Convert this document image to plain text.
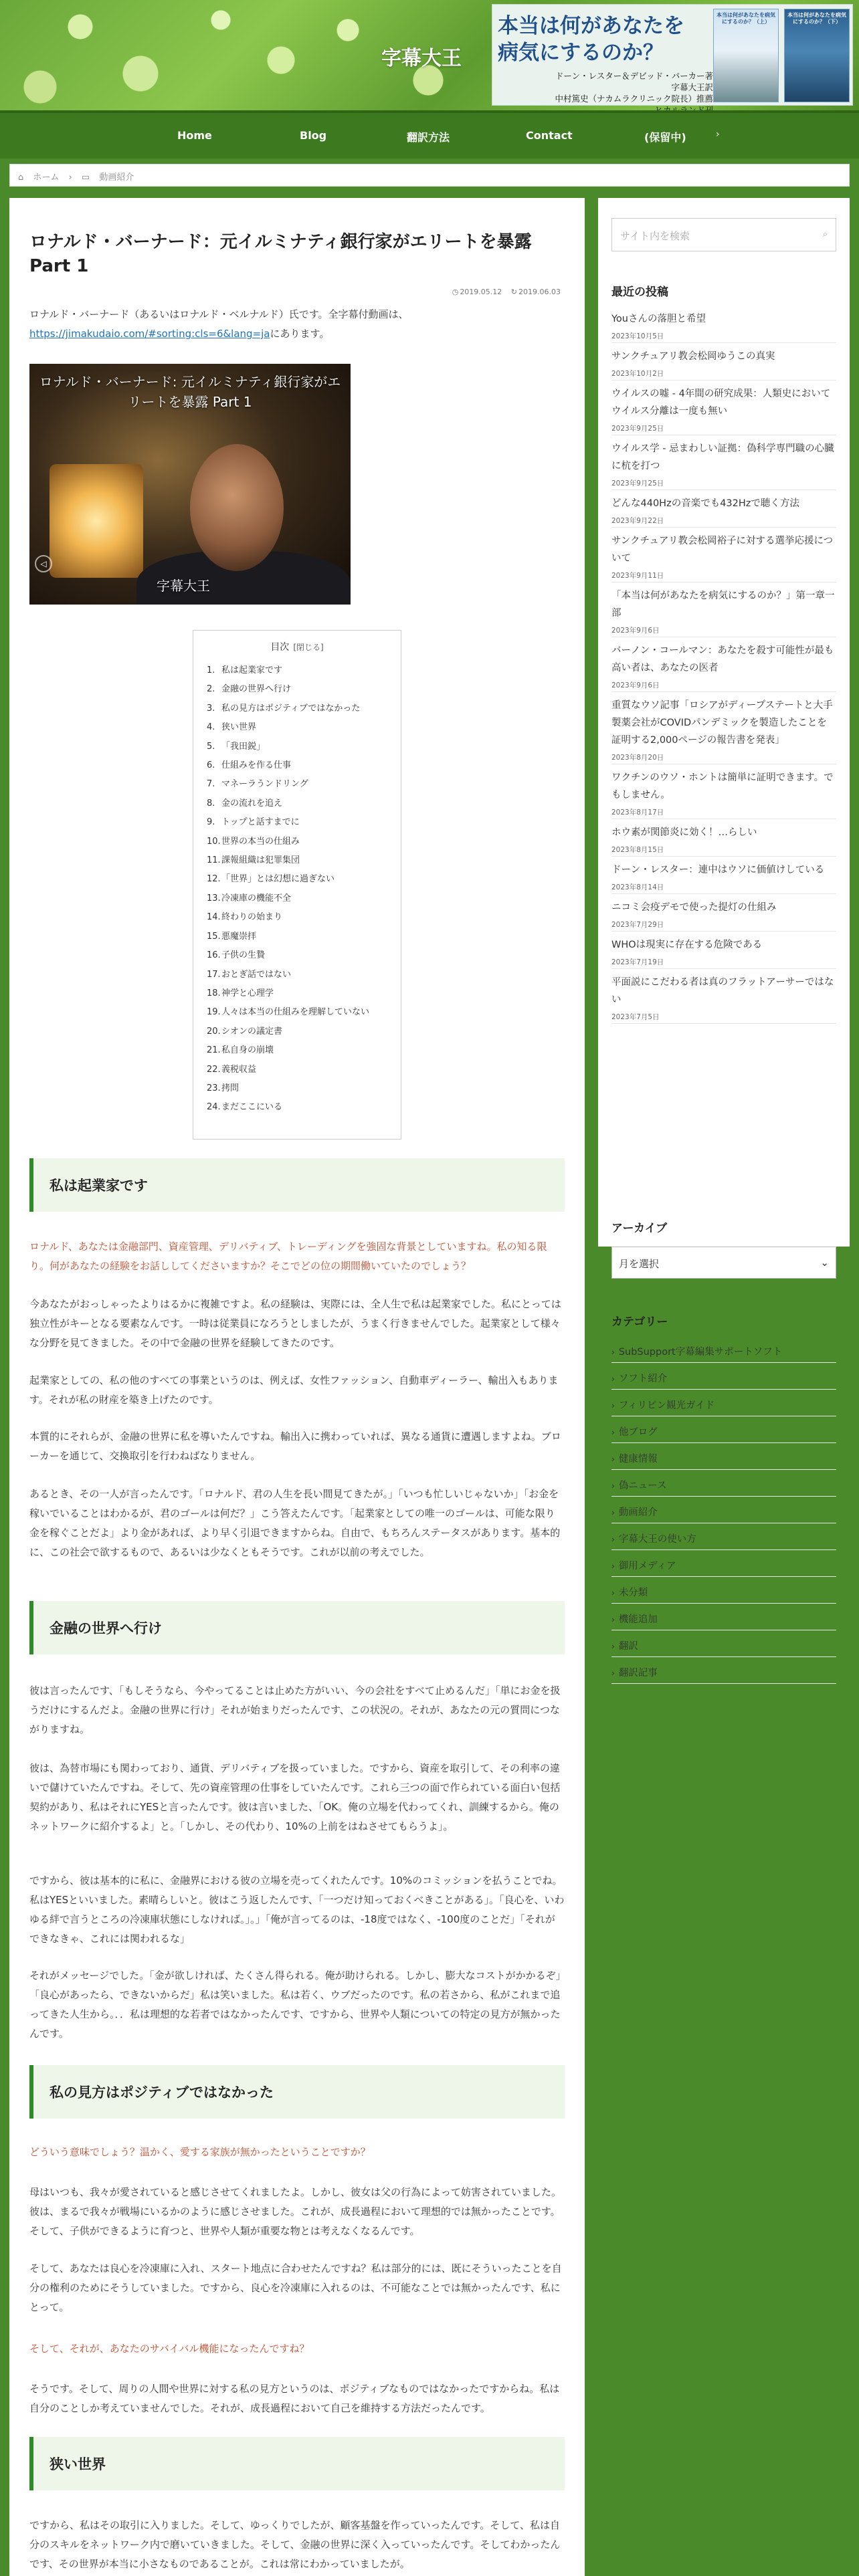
字幕大王
本当は何があなたを病気にするのか？
ドーン・レスター＆デビッド・パーカー著
字幕大王訳
中村篤史（ナカムラクリニック院長）推薦
本当は何があなたを病気にするのか？（上）
本当は何があなたを病気にするのか？（下）
Home	Blog	翻訳方法	Contact	(保留中)	›
⌂ ホーム › ▭ 動画紹介
ロナルド・バーナード：元イルミナティ銀行家がエリートを暴露 Part 1
◷ 2019.05.12 ↻ 2019.06.03
ロナルド・バーナード（あるいはロナルド・ベルナルド）氏です。全字幕付動画は、
https://jimakudaio.com/#sorting:cls=6&lang=jaにあります。
ロナルド・バーナード: 元イルミナティ銀行家がエリートを暴露 Part 1
字幕大王
◁
目次 [閉じる]
1. 私は起業家です
2. 金融の世界へ行け
3. 私の見方はポジティブではなかった
4. 狭い世界
5. 「我田鋭」
6. 仕組みを作る仕事
7. マネーラうンドリング
8. 金の流れを追え
9. トップと話すまでに
10.世界の本当の仕組み
11.課報組織は犯罪集団
12.「世界」とは幻想に過ぎない
13.冷凍庫の機能不全
14.終わりの始まり
15.悪魔崇拝
16.子供の生贄
17.おとぎ話ではない
18.神学と心理学
19.人々は本当の仕組みを理解していない
20.シオンの議定書
21.私自身の崩壊
22.義税収益
23.拷問
24.まだここにいる
私は起業家です
ロナルド、あなたは金融部門、資産管理、デリバティブ、トレーディングを強固な背景としていますね。私の知る限り。何があなたの経験をお話ししてくださいますか？そこでどの位の期間働いていたのでしょう？
今あなたがおっしゃったよりはるかに複雑ですよ。私の経験は、実際には、全人生で私は起業家でした。私にとっては独立性がキーとなる要素なんです。一時は従業員になろうとしましたが、うまく行きませんでした。起業家として様々な分野を見てきました。その中で金融の世界を経験してきたのです。
起業家としての、私の他のすべての事業というのは、例えば、女性ファッション、自動車ディーラー、輸出入もあります。それが私の財産を築き上げたのです。
本質的にそれらが、金融の世界に私を導いたんですね。輸出入に携わっていれば、異なる通貨に遭遇しますよね。ブローカーを通じて、交換取引を行わねばなりません。
あるとき、その一人が言ったんです。「ロナルド、君の人生を長い間見てきたが。」「いつも忙しいじゃないか」「お金を稼いでいることはわかるが、君のゴールは何だ？」こう答えたんです。「起業家としての唯一のゴールは、可能な限り金を稼ぐことだよ」より金があれば、より早く引退できますからね。自由で、もちろんステータスがあります。基本的に、この社会で欲するもので、あるいは少なくともそうです。これが以前の考えでした。
金融の世界へ行け
彼は言ったんです、「もしそうなら、今やってることは止めた方がいい、今の会社をすべて止めるんだ」「単にお金を扱うだけにするんだよ。金融の世界に行け」それが始まりだったんです、この状況の。それが、あなたの元の質問につながりますね。
彼は、為替市場にも関わっており、通貨、デリバティブを扱っていました。ですから、資産を取引して、その利率の違いで儲けていたんですね。そして、先の資産管理の仕事をしていたんです。これら三つの面で作られている面白い包括契約があり、私はそれにYESと言ったんです。彼は言いました、「OK。俺の立場を代わってくれ、訓練するから。俺のネットワークに紹介するよ」と。「しかし、その代わり、10%の上前をはねさせてもらうよ」。
ですから、彼は基本的に私に、金融界における彼の立場を売ってくれたんです。10%のコミッションを払うことでね。私はYESといいました。素晴らしいと。彼はこう返したんです、「一つだけ知っておくべきことがある」。「良心を、いわゆる絆で言うところの冷凍庫状態にしなければ。」。」「俺が言ってるのは、-18度ではなく、-100度のことだ」「それができなきゃ、これには関われるな」
それがメッセージでした。「金が欲しければ、たくさん得られる。俺が助けられる。しかし、膨大なコストがかかるぞ」「良心があったら、できないからだ」私は笑いました。私は若く、ウブだったのです。私の若さから、私がこれまで追ってきた人生から。．．私は理想的な若者ではなかったんです、ですから、世界や人類についての特定の見方が無かったんです。
私の見方はポジティブではなかった
どういう意味でしょう？温かく、愛する家族が無かったということですか？
母はいつも、我々が愛されていると感じさせてくれましたよ。しかし、彼女は父の行為によって妨害されていました。彼は、まるで我々が戦場にいるかのように感じさせました。これが、成長過程において理想的では無かったことです。そして、子供ができるように育つと、世界や人類が重要な物とは考えなくなるんです。
そして、あなたは良心を冷凍庫に入れ、スタート地点に合わせたんですね？私は部分的には、既にそういったことを自分の権利のためにそうしていました。ですから、良心を冷凍庫に入れるのは、不可能なことでは無かったんです、私にとって。
そして、それが、あなたのサバイバル機能になったんですね？
そうです。そして、周りの人間や世界に対する私の見方というのは、ポジティブなものではなかったですからね。私は自分のことしか考えていませんでした。それが、成長過程において自己を維持する方法だったんです。
狭い世界
ですから、私はその取引に入りました。そして、ゆっくりでしたが、顧客基盤を作っていったんです。そして、私は自分のスキルをネットワーク内で磨いていきました。そして、金融の世界に深く入っていったんです。そしてわかったんです、その世界が本当に小さなものであることが。これは常にわかっていましたが。
サイト内を検索	⌕
最近の投稿
Youさんの落胆と希望
2023年10月5日
サンクチュアリ教会松岡ゆうこの真実
2023年10月2日
ウイルスの嘘 - 4年間の研究成果：人類史においてウイルス分離は一度も無い
2023年9月25日
ウイルス学 - 忌まわしい証拠：偽科学専門職の心臓に杭を打つ
2023年9月25日
どんな440Hzの音楽でも432Hzで聴く方法
2023年9月22日
サンクチュアリ教会松岡裕子に対する選挙応援について
2023年9月11日
「本当は何があなたを病気にするのか？」第一章一部
2023年9月6日
バーノン・コールマン：あなたを殺す可能性が最も高い者は、あなたの医者
2023年9月6日
重質なウソ記事「ロシアがディープステートと大手製薬会社がCOVIDパンデミックを製造したことを証明する2,000ページの報告書を発表」
2023年8月20日
ワクチンのウソ・ホントは簡単に証明できます。でもしません。
2023年8月17日
ホウ素が関節炎に効く！…らしい
2023年8月15日
ドーン・レスター：連中はウソに価値けしている
2023年8月14日
ニコミ会疫デモで使った提灯の仕組み
2023年7月29日
WHOは現実に存在する危険である
2023年7月19日
平面説にこだわる者は真のフラットアーサーではない
2023年7月5日
アーカイブ
月を選択	⌄
カテゴリー
› SubSupport字幕編集サポートソフト
› ソフト紹介
› フィリピン観光ガイド
› 他ブログ
› 健康情報
› 偽ニュース
› 動画紹介
› 字幕大王の使い方
› 御用メディア
› 未分類
› 機能追加
› 翻訳
› 翻訳記事
